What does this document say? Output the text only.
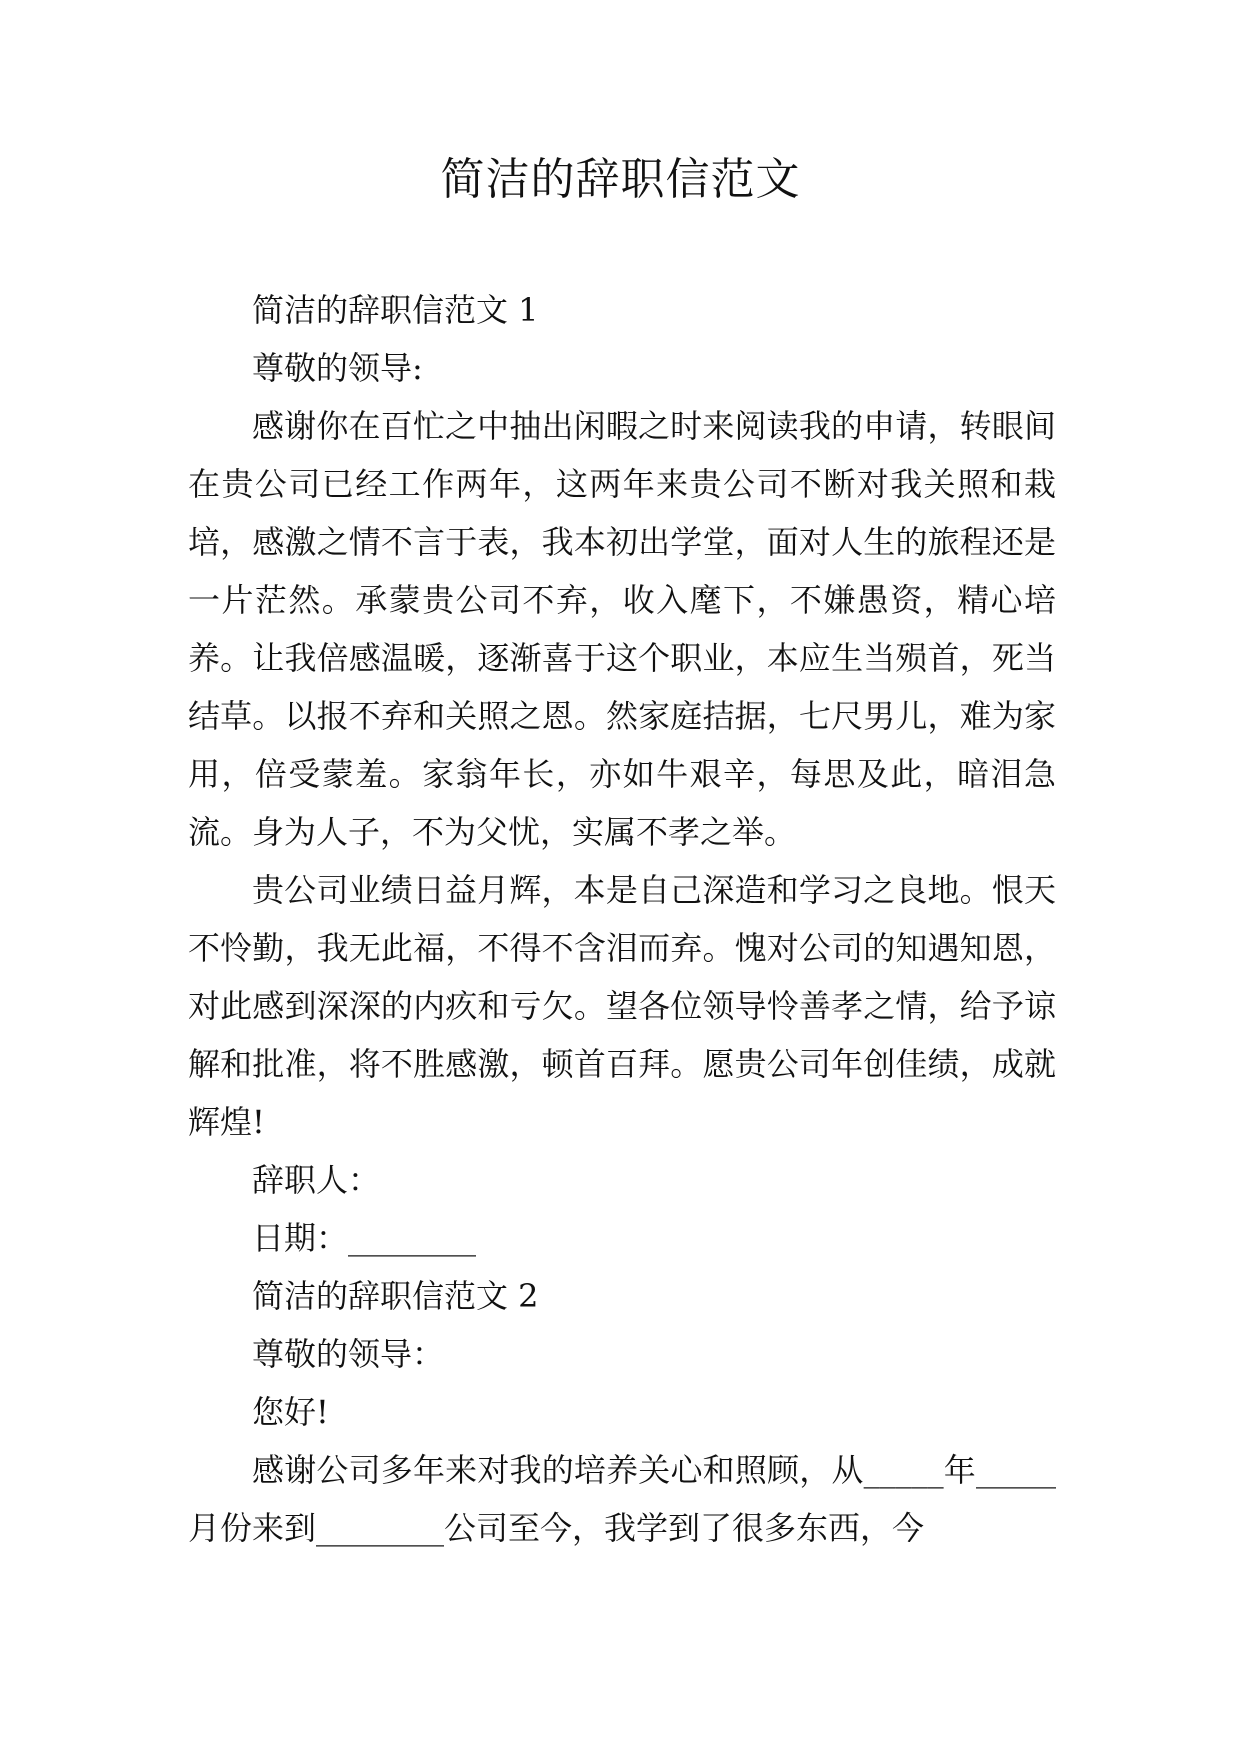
简洁的辞职信范文

简洁的辞职信范文 1

尊敬的领导:

感谢你在百忙之中抽出闲暇之时来阅读我的申请，转眼间在贵公司已经工作两年，这两年来贵公司不断对我关照和栽培，感激之情不言于表，我本初出学堂，面对人生的旅程还是一片茫然。承蒙贵公司不弃，收入麾下，不嫌愚资，精心培养。让我倍感温暖，逐渐喜于这个职业，本应生当殒首，死当结草。以报不弃和关照之恩。然家庭拮据，七尺男儿，难为家用，倍受蒙羞。家翁年长，亦如牛艰辛，每思及此，暗泪急流。身为人子，不为父忧，实属不孝之举。

贵公司业绩日益月辉，本是自己深造和学习之良地。恨天不怜勤，我无此福，不得不含泪而弃。愧对公司的知遇知恩，对此感到深深的内疚和亏欠。望各位领导怜善孝之情，给予谅解和批准，将不胜感激，顿首百拜。愿贵公司年创佳绩，成就辉煌!

辞职人：

日期：________

简洁的辞职信范文 2

尊敬的领导：

您好!

感谢公司多年来对我的培养关心和照顾，从_____年_____月份来到________公司至今，我学到了很多东西，今
